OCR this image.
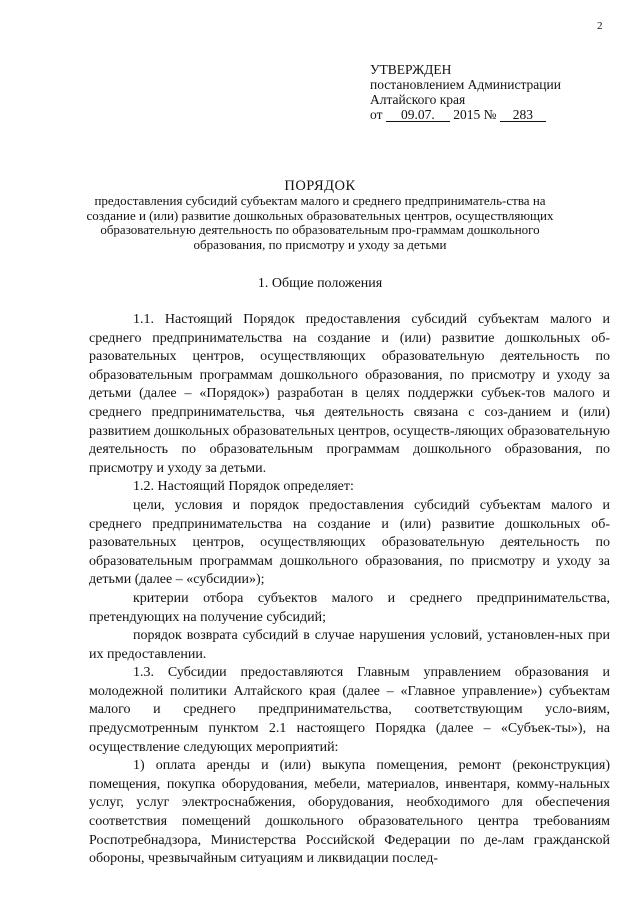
2
УТВЕРЖДЕН
постановлением Администрации
Алтайского края
от 09.07. 2015 № 283
ПОРЯДОК
предоставления субсидий субъектам малого и среднего предприниматель-ства на создание и (или) развитие дошкольных образовательных центров, осуществляющих образовательную деятельность по образовательным про-граммам дошкольного образования, по присмотру и уходу за детьми
1. Общие положения

1.1. Настоящий Порядок предоставления субсидий субъектам малого и среднего предпринимательства на создание и (или) развитие дошкольных об-разовательных центров, осуществляющих образовательную деятельность по образовательным программам дошкольного образования, по присмотру и уходу за детьми (далее – «Порядок») разработан в целях поддержки субъек-тов малого и среднего предпринимательства, чья деятельность связана с соз-данием и (или) развитием дошкольных образовательных центров, осуществ-ляющих образовательную деятельность по образовательным программам дошкольного образования, по присмотру и уходу за детьми.

1.2. Настоящий Порядок определяет:

цели, условия и порядок предоставления субсидий субъектам малого и среднего предпринимательства на создание и (или) развитие дошкольных об-разовательных центров, осуществляющих образовательную деятельность по образовательным программам дошкольного образования, по присмотру и уходу за детьми (далее – «субсидии»);

критерии отбора субъектов малого и среднего предпринимательства, претендующих на получение субсидий;

порядок возврата субсидий в случае нарушения условий, установлен-ных при их предоставлении.

1.3. Субсидии предоставляются Главным управлением образования и молодежной политики Алтайского края (далее – «Главное управление») субъектам малого и среднего предпринимательства, соответствующим усло-виям, предусмотренным пунктом 2.1 настоящего Порядка (далее – «Субъек-ты»), на осуществление следующих мероприятий:

1) оплата аренды и (или) выкупа помещения, ремонт (реконструкция) помещения, покупка оборудования, мебели, материалов, инвентаря, комму-нальных услуг, услуг электроснабжения, оборудования, необходимого для обеспечения соответствия помещений дошкольного образовательного центра требованиям Роспотребнадзора, Министерства Российской Федерации по де-лам гражданской обороны, чрезвычайным ситуациям и ликвидации послед-
